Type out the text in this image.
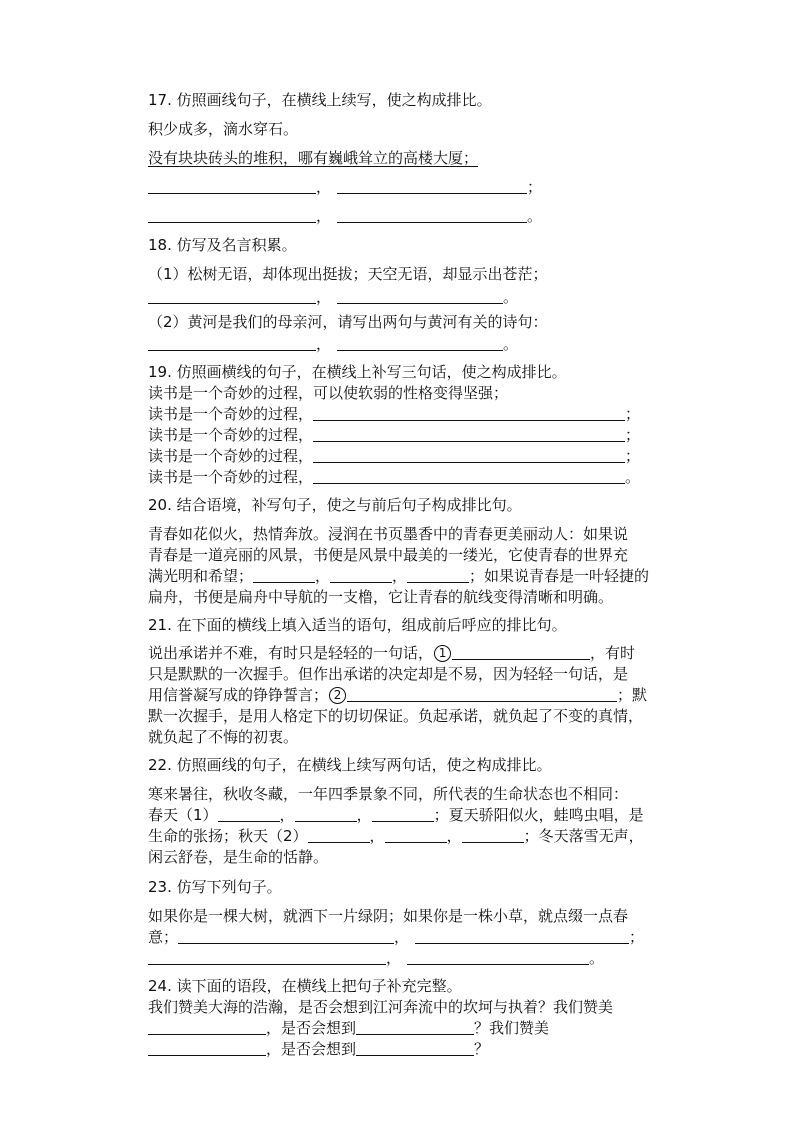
17. 仿照画线句子，在横线上续写，使之构成排比。
积少成多，滴水穿石。
没有块块砖头的堆积，哪有巍峨耸立的高楼大厦；
，	；
，	。
18. 仿写及名言积累。
（1）松树无语，却体现出挺拔；天空无语，却显示出苍茫；
，	。
（2）黄河是我们的母亲河，请写出两句与黄河有关的诗句：
，	。
19. 仿照画横线的句子，在横线上补写三句话，使之构成排比。
读书是一个奇妙的过程，可以使软弱的性格变得坚强；
读书是一个奇妙的过程，	；
读书是一个奇妙的过程，	；
读书是一个奇妙的过程，	；
读书是一个奇妙的过程，	。
20. 结合语境，补写句子，使之与前后句子构成排比句。
青春如花似火，热情奔放。浸润在书页墨香中的青春更美丽动人：如果说
青春是一道亮丽的风景，书便是风景中最美的一缕光，它使青春的世界充
满光明和希望；	，	，	；如果说青春是一叶轻捷的
扁舟，书便是扁舟中导航的一支橹，它让青春的航线变得清晰和明确。
21. 在下面的横线上填入适当的语句，组成前后呼应的排比句。
说出承诺并不难，有时只是轻轻的一句话， 1	，有时
只是默默的一次握手。但作出承诺的决定却是不易，因为轻轻一句话，是
用信誉凝写成的铮铮誓言； 2	；默
默一次握手，是用人格定下的切切保证。负起承诺，就负起了不变的真情，
就负起了不悔的初衷。
22. 仿照画线的句子，在横线上续写两句话，使之构成排比。
寒来暑往，秋收冬藏，一年四季景象不同，所代表的生命状态也不相同：
春天（1）	，	，	；夏天骄阳似火，蛙鸣虫唱，是
生命的张扬；秋天（2）	，	，	；冬天落雪无声，
闲云舒卷，是生命的恬静。
23. 仿写下列句子。
如果你是一棵大树，就洒下一片绿阴；如果你是一株小草，就点缀一点春
意；	，	；
，	。
24. 读下面的语段，在横线上把句子补充完整。
我们赞美大海的浩瀚，是否会想到江河奔流中的坎坷与执着？我们赞美
，是否会想到	？我们赞美
，是否会想到	？
